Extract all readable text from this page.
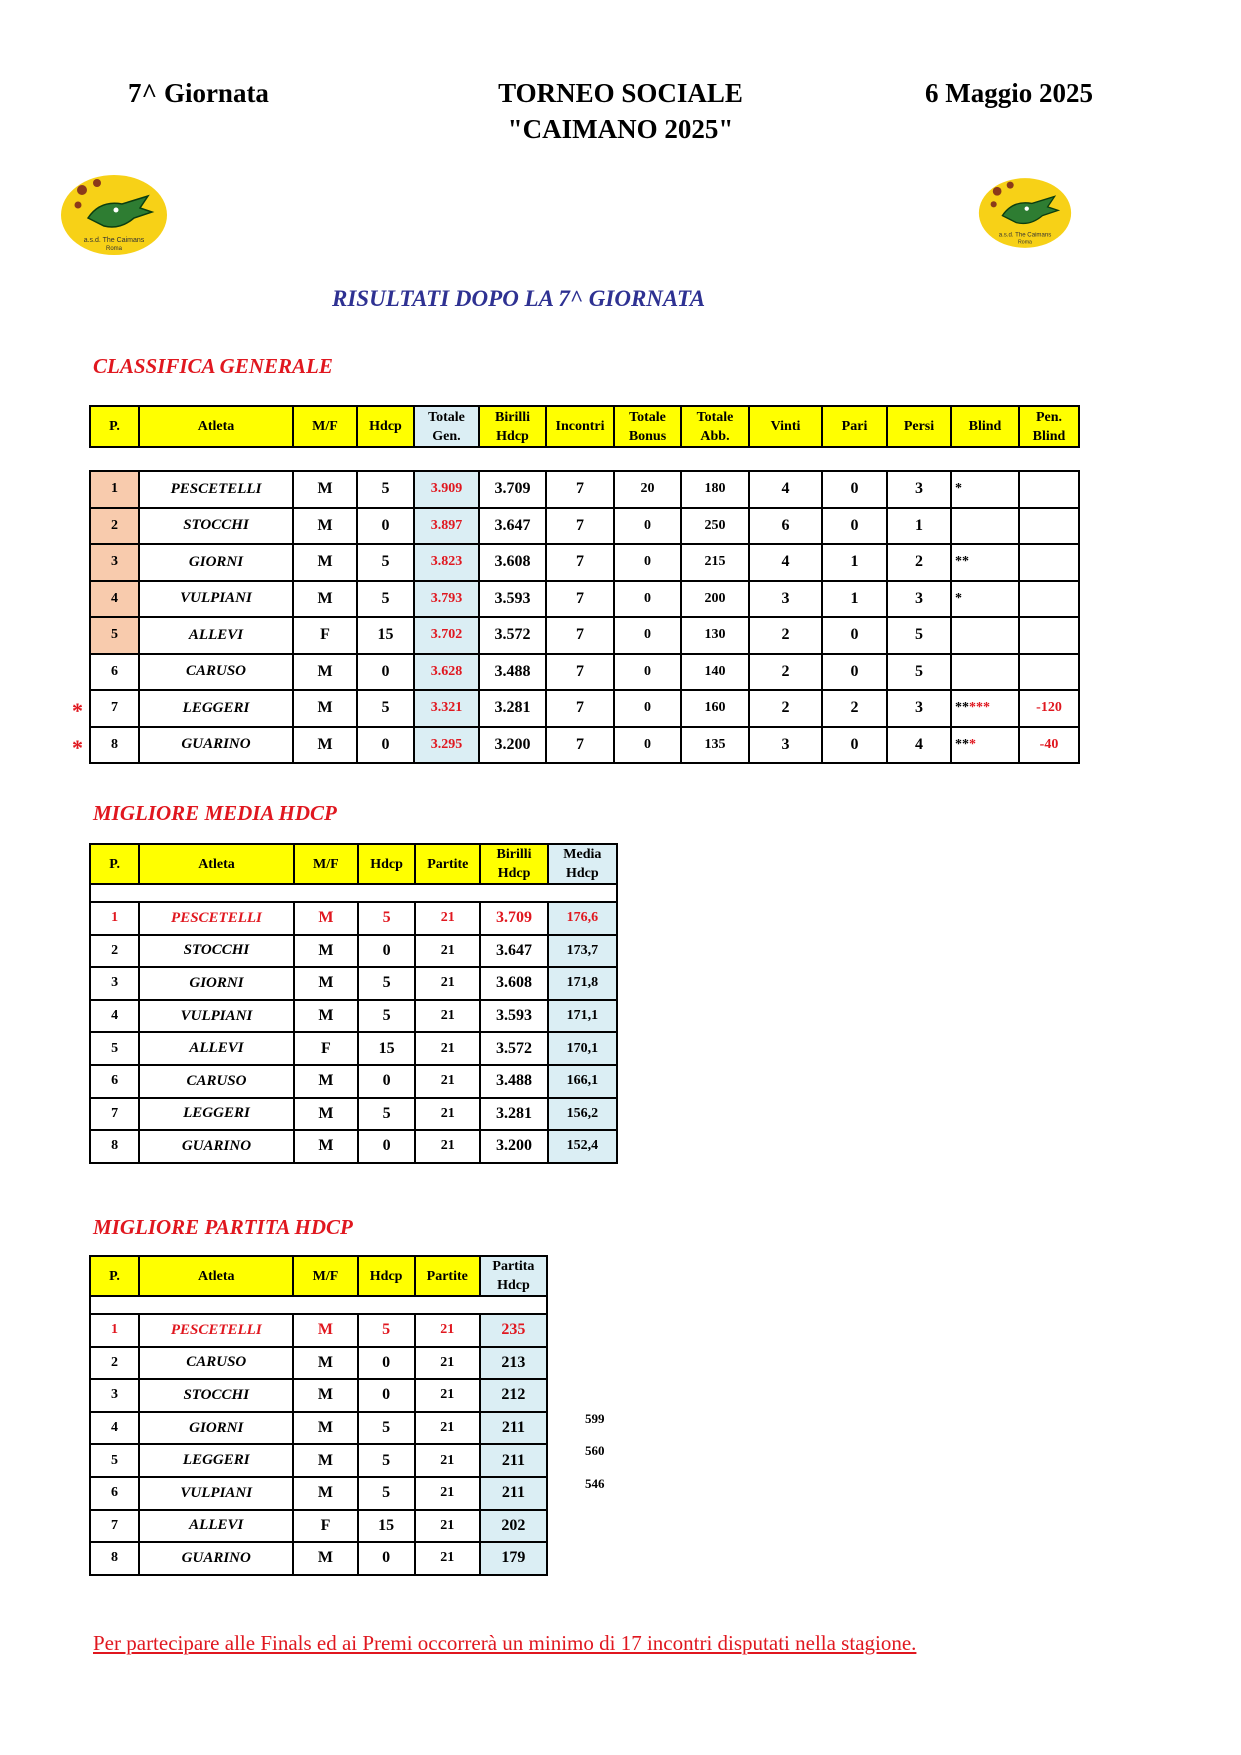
7^ Giornata	TORNEO SOCIALE
"CAIMANO 2025"
6 Maggio 2025
a.s.d. The Caimans
Roma
a.s.d. The Caimans
Roma
RISULTATI DOPO LA 7^ GIORNATA
CLASSIFICA GENERALE
P.	Atleta	M/F	Hdcp	Totale Gen.	Birilli Hdcp	Incontri	Totale Bonus	Totale Abb.	Vinti	Pari	Persi	Blind	Pen. Blind

1	PESCETELLI	M	5	3.909	3.709	7	20	180	4	0	3	*	
2	STOCCHI	M	0	3.897	3.647	7	0	250	6	0	1		
3	GIORNI	M	5	3.823	3.608	7	0	215	4	1	2	**	
4	VULPIANI	M	5	3.793	3.593	7	0	200	3	1	3	*	
5	ALLEVI	F	15	3.702	3.572	7	0	130	2	0	5		
6	CARUSO	M	0	3.628	3.488	7	0	140	2	0	5		
7	LEGGERI	M	5	3.321	3.281	7	0	160	2	2	3	*****	-120
8	GUARINO	M	0	3.295	3.200	7	0	135	3	0	4	***	-40
*
*
MIGLIORE MEDIA HDCP
P.	Atleta	M/F	Hdcp	Partite	Birilli Hdcp	Media Hdcp

1	PESCETELLI	M	5	21	3.709	176,6
2	STOCCHI	M	0	21	3.647	173,7
3	GIORNI	M	5	21	3.608	171,8
4	VULPIANI	M	5	21	3.593	171,1
5	ALLEVI	F	15	21	3.572	170,1
6	CARUSO	M	0	21	3.488	166,1
7	LEGGERI	M	5	21	3.281	156,2
8	GUARINO	M	0	21	3.200	152,4
MIGLIORE PARTITA HDCP
P.	Atleta	M/F	Hdcp	Partite	Partita Hdcp

1	PESCETELLI	M	5	21	235
2	CARUSO	M	0	21	213
3	STOCCHI	M	0	21	212
4	GIORNI	M	5	21	211
5	LEGGERI	M	5	21	211
6	VULPIANI	M	5	21	211
7	ALLEVI	F	15	21	202
8	GUARINO	M	0	21	179
599
560
546
Per partecipare alle Finals ed ai Premi occorrerà un minimo di 17 incontri disputati nella stagione.
